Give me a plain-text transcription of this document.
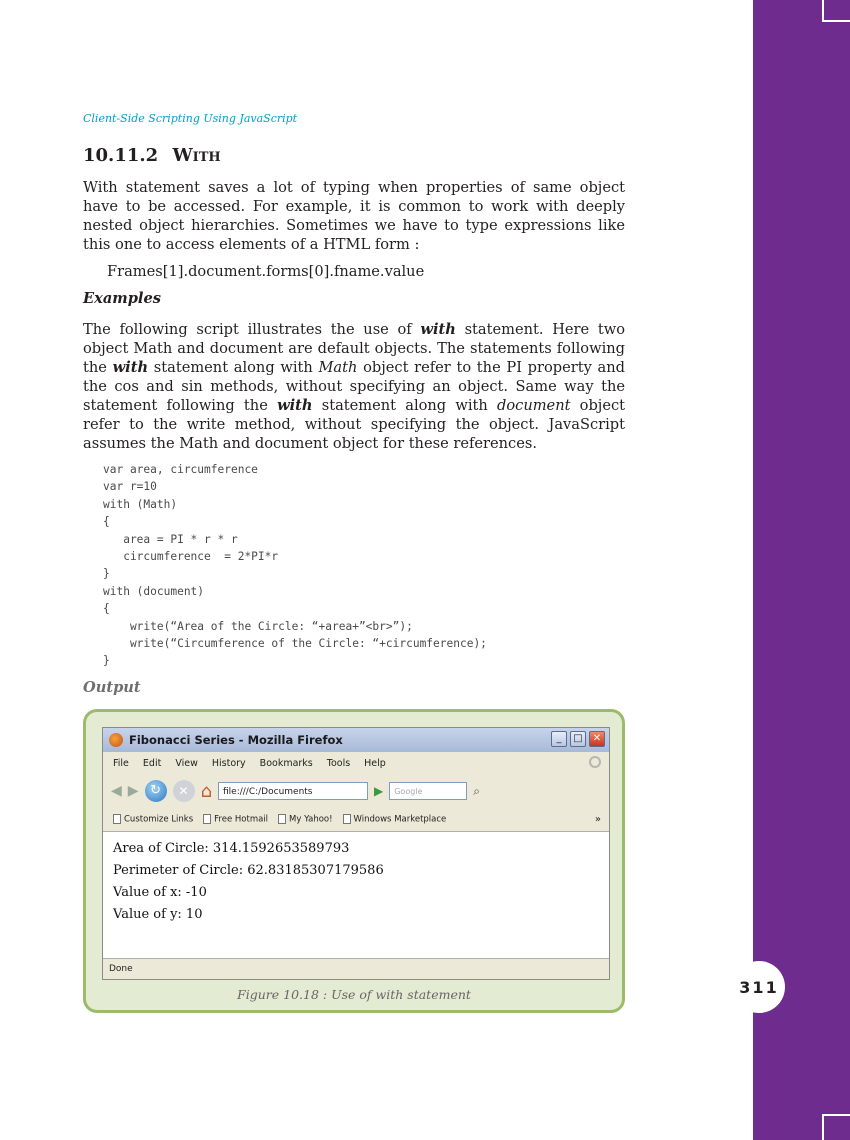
311
Client-Side Scripting Using JavaScript
10.11.2 With

With statement saves a lot of typing when properties of same object have to be accessed. For example, it is common to work with deeply nested object hierarchies. Sometimes we have to type expressions like this one to access elements of a HTML form :

Frames[1].document.forms[0].fname.value
Examples

The following script illustrates the use of with statement. Here two object Math and document are default objects. The statements following the with statement along with Math object refer to the PI property and the cos and sin methods, without specifying an object. Same way the statement following the with statement along with document object refer to the write method, without specifying the object. JavaScript assumes the Math and document object for these references.

var area, circumference
var r=10
with (Math)
{
area = PI * r * r
circumference  = 2*PI*r
}
with (document)
{
write(“Area of the Circle: “+area+”<br>”);
write(“Circumference of the Circle: “+circumference);
}
Output
Fibonacci Series - Mozilla Firefox	_	□	✕
File Edit View History Bookmarks Tools Help
◀ ▶ ↻	✕ ⌂	file:///C:/Documents	▶	Google	⌕
Customize Links	Free Hotmail	My Yahoo!	Windows Marketplace	»
Area of Circle: 314.1592653589793
Perimeter of Circle: 62.83185307179586
Value of x: -10
Value of y: 10
Done
Figure 10.18 : Use of with statement
